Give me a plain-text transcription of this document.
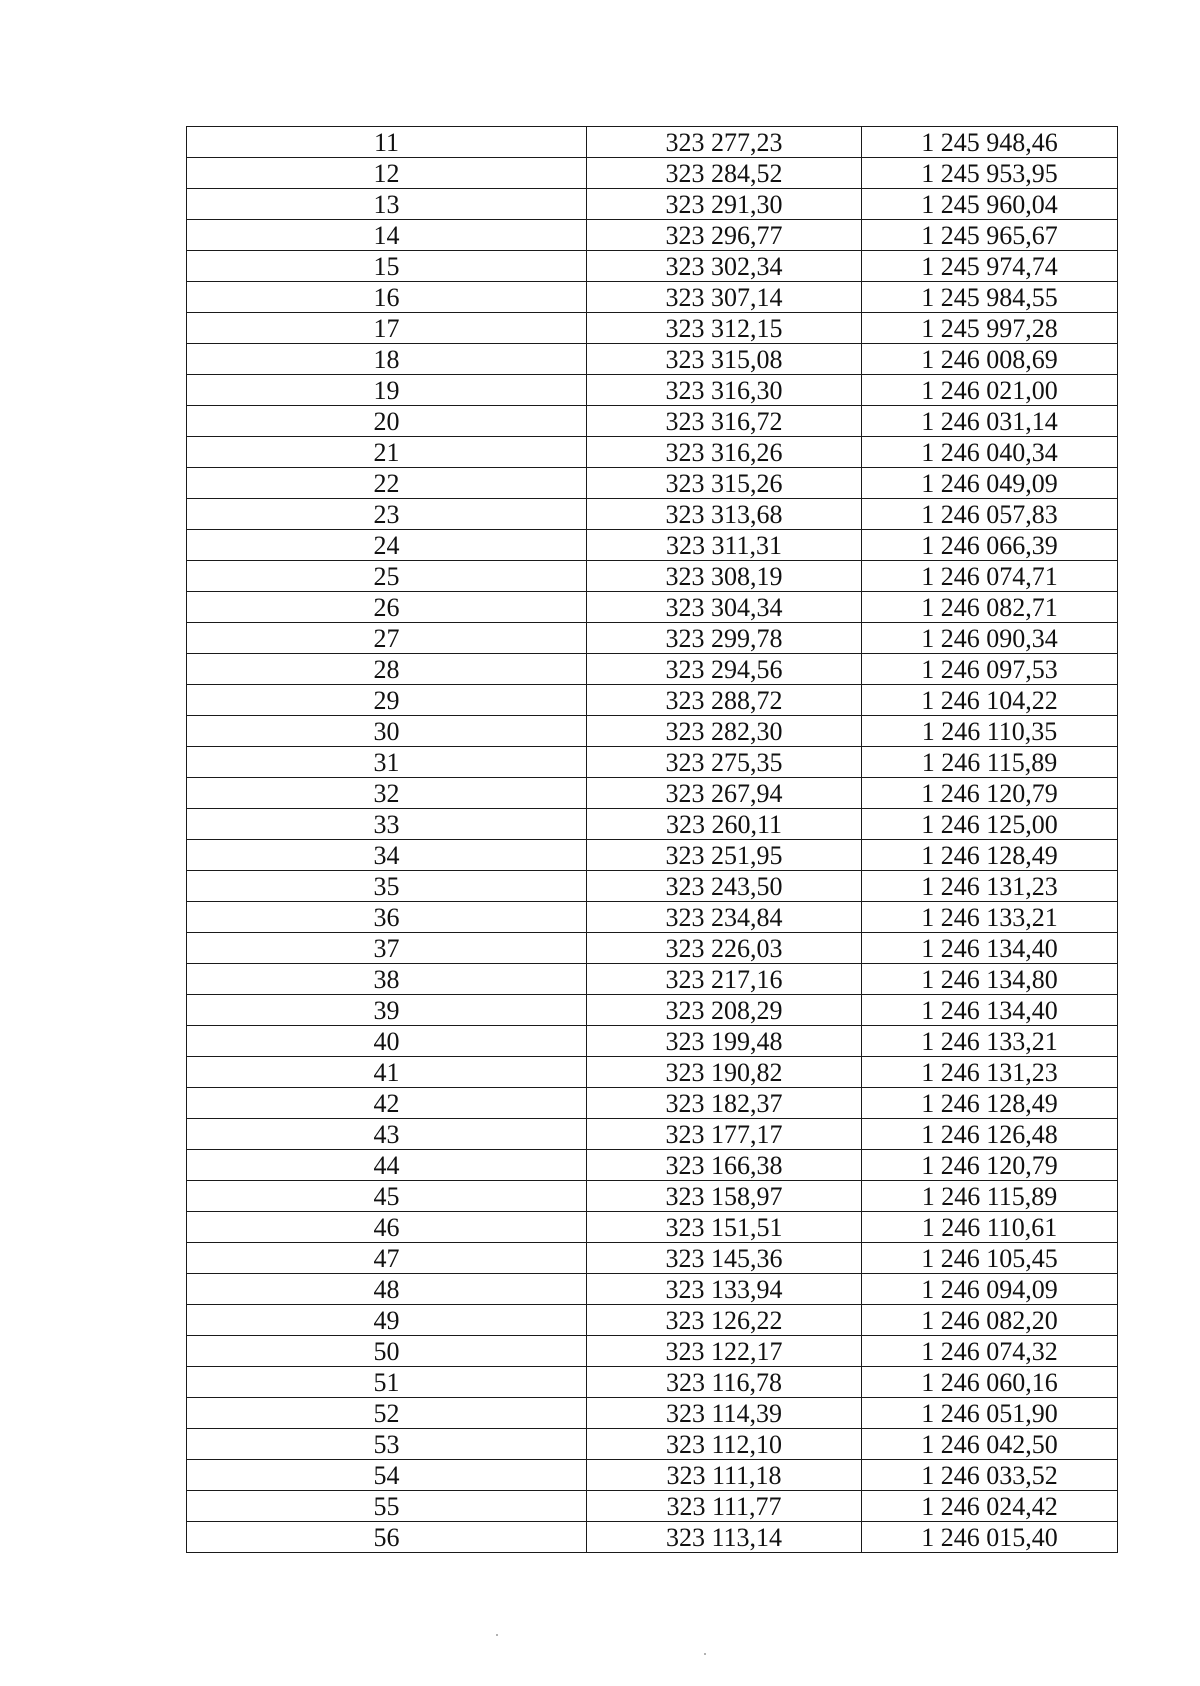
11	323 277,23	1 245 948,46
12	323 284,52	1 245 953,95
13	323 291,30	1 245 960,04
14	323 296,77	1 245 965,67
15	323 302,34	1 245 974,74
16	323 307,14	1 245 984,55
17	323 312,15	1 245 997,28
18	323 315,08	1 246 008,69
19	323 316,30	1 246 021,00
20	323 316,72	1 246 031,14
21	323 316,26	1 246 040,34
22	323 315,26	1 246 049,09
23	323 313,68	1 246 057,83
24	323 311,31	1 246 066,39
25	323 308,19	1 246 074,71
26	323 304,34	1 246 082,71
27	323 299,78	1 246 090,34
28	323 294,56	1 246 097,53
29	323 288,72	1 246 104,22
30	323 282,30	1 246 110,35
31	323 275,35	1 246 115,89
32	323 267,94	1 246 120,79
33	323 260,11	1 246 125,00
34	323 251,95	1 246 128,49
35	323 243,50	1 246 131,23
36	323 234,84	1 246 133,21
37	323 226,03	1 246 134,40
38	323 217,16	1 246 134,80
39	323 208,29	1 246 134,40
40	323 199,48	1 246 133,21
41	323 190,82	1 246 131,23
42	323 182,37	1 246 128,49
43	323 177,17	1 246 126,48
44	323 166,38	1 246 120,79
45	323 158,97	1 246 115,89
46	323 151,51	1 246 110,61
47	323 145,36	1 246 105,45
48	323 133,94	1 246 094,09
49	323 126,22	1 246 082,20
50	323 122,17	1 246 074,32
51	323 116,78	1 246 060,16
52	323 114,39	1 246 051,90
53	323 112,10	1 246 042,50
54	323 111,18	1 246 033,52
55	323 111,77	1 246 024,42
56	323 113,14	1 246 015,40
